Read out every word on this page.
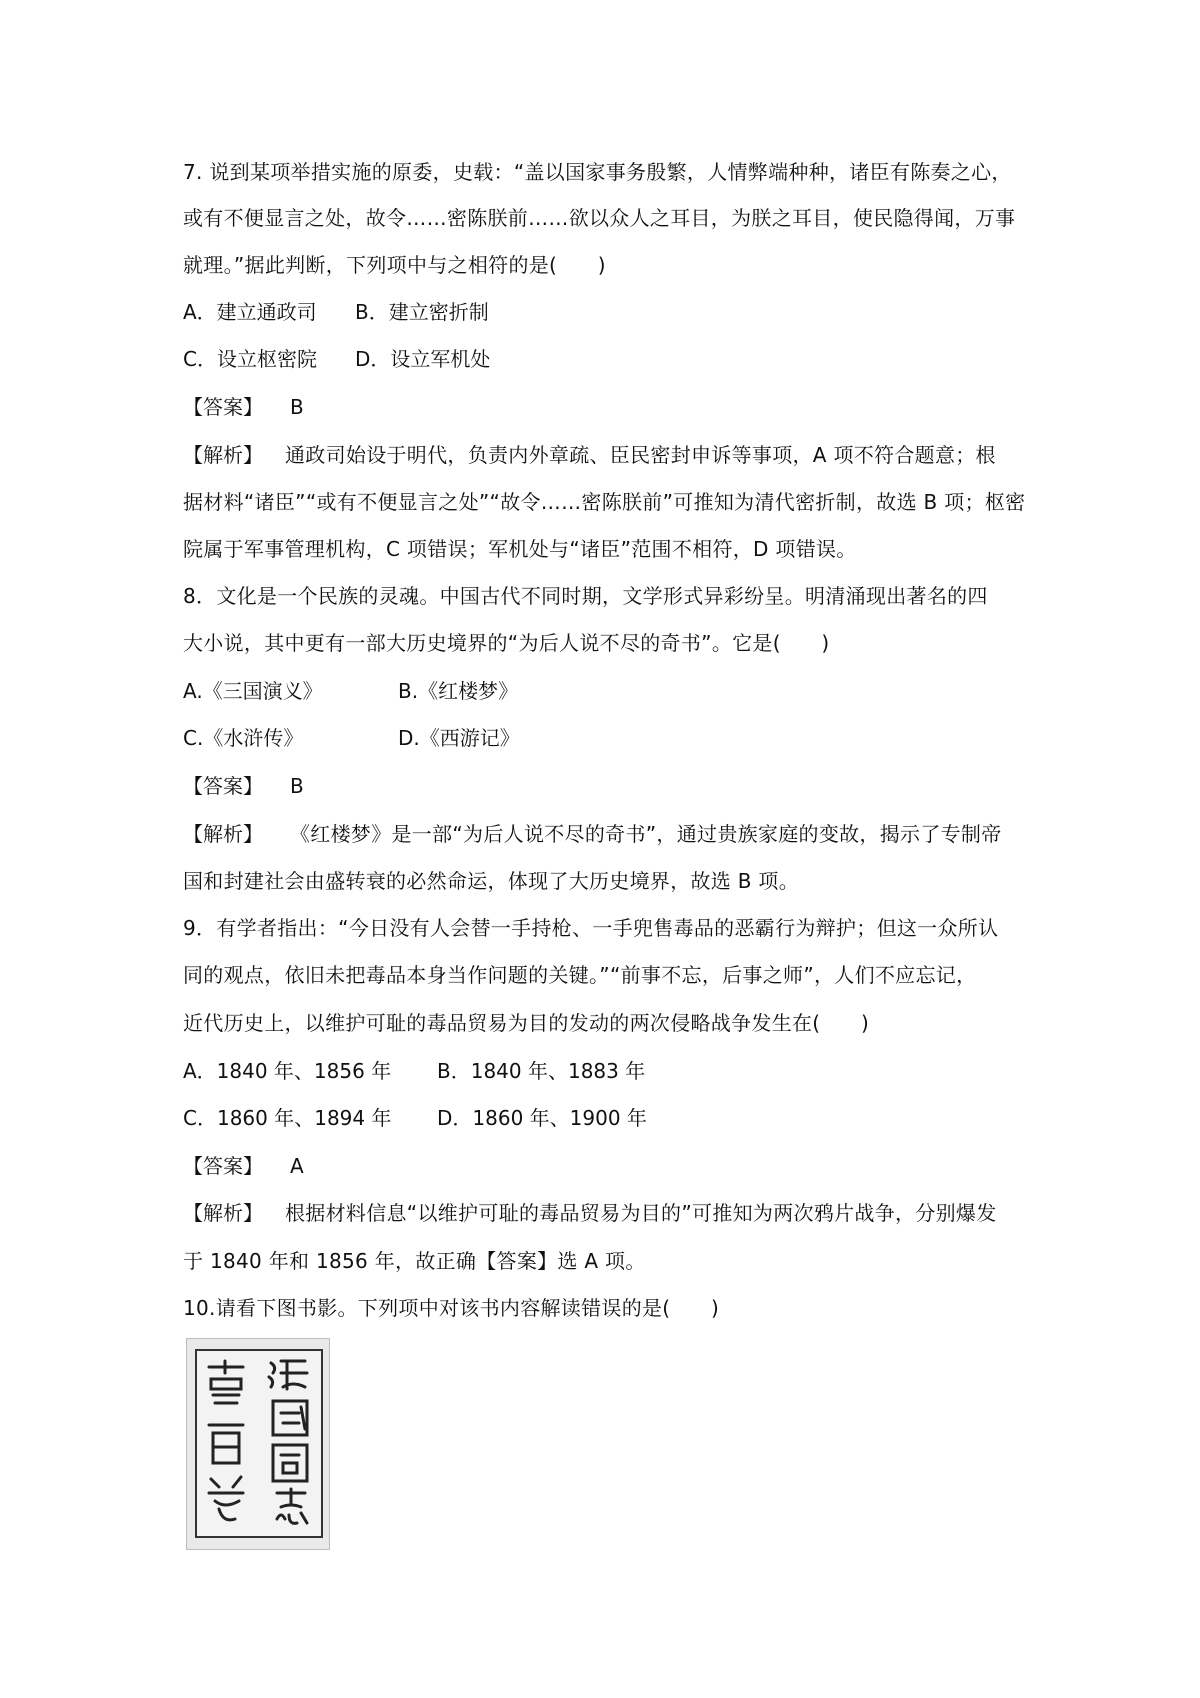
7. 说到某项举措实施的原委，史载：“盖以国家事务殷繁，人情弊端种种，诸臣有陈奏之心，
或有不便显言之处，故令……密陈朕前……欲以众人之耳目，为朕之耳目，使民隐得闻，万事
就理。”据此判断，下列项中与之相符的是(　　)
A．建立通政司 B．建立密折制
C．设立枢密院 D．设立军机处
【答案】 B
【解析】 通政司始设于明代，负责内外章疏、臣民密封申诉等事项，A 项不符合题意；根
据材料“诸臣”“或有不便显言之处”“故令……密陈朕前”可推知为清代密折制，故选 B 项；枢密
院属于军事管理机构，C 项错误；军机处与“诸臣”范围不相符，D 项错误。
8．文化是一个民族的灵魂。中国古代不同时期，文学形式异彩纷呈。明清涌现出著名的四
大小说，其中更有一部大历史境界的“为后人说不尽的奇书”。它是(　　)
A.《三国演义》	B.《红楼梦》
C.《水浒传》	D.《西游记》
【答案】 B
【解析】 《红楼梦》是一部“为后人说不尽的奇书”，通过贵族家庭的变故，揭示了专制帝
国和封建社会由盛转衰的必然命运，体现了大历史境界，故选 B 项。
9．有学者指出：“今日没有人会替一手持枪、一手兜售毒品的恶霸行为辩护；但这一众所认
同的观点，依旧未把毒品本身当作问题的关键。”“前事不忘，后事之师”，人们不应忘记，
近代历史上，以维护可耻的毒品贸易为目的发动的两次侵略战争发生在(　　)
A．1840 年、1856 年 B．1840 年、1883 年
C．1860 年、1894 年 D．1860 年、1900 年
【答案】 A
【解析】 根据材料信息“以维护可耻的毒品贸易为目的”可推知为两次鸦片战争，分别爆发
于 1840 年和 1856 年，故正确【答案】选 A 项。
10.请看下图书影。下列项中对该书内容解读错误的是(　　)
